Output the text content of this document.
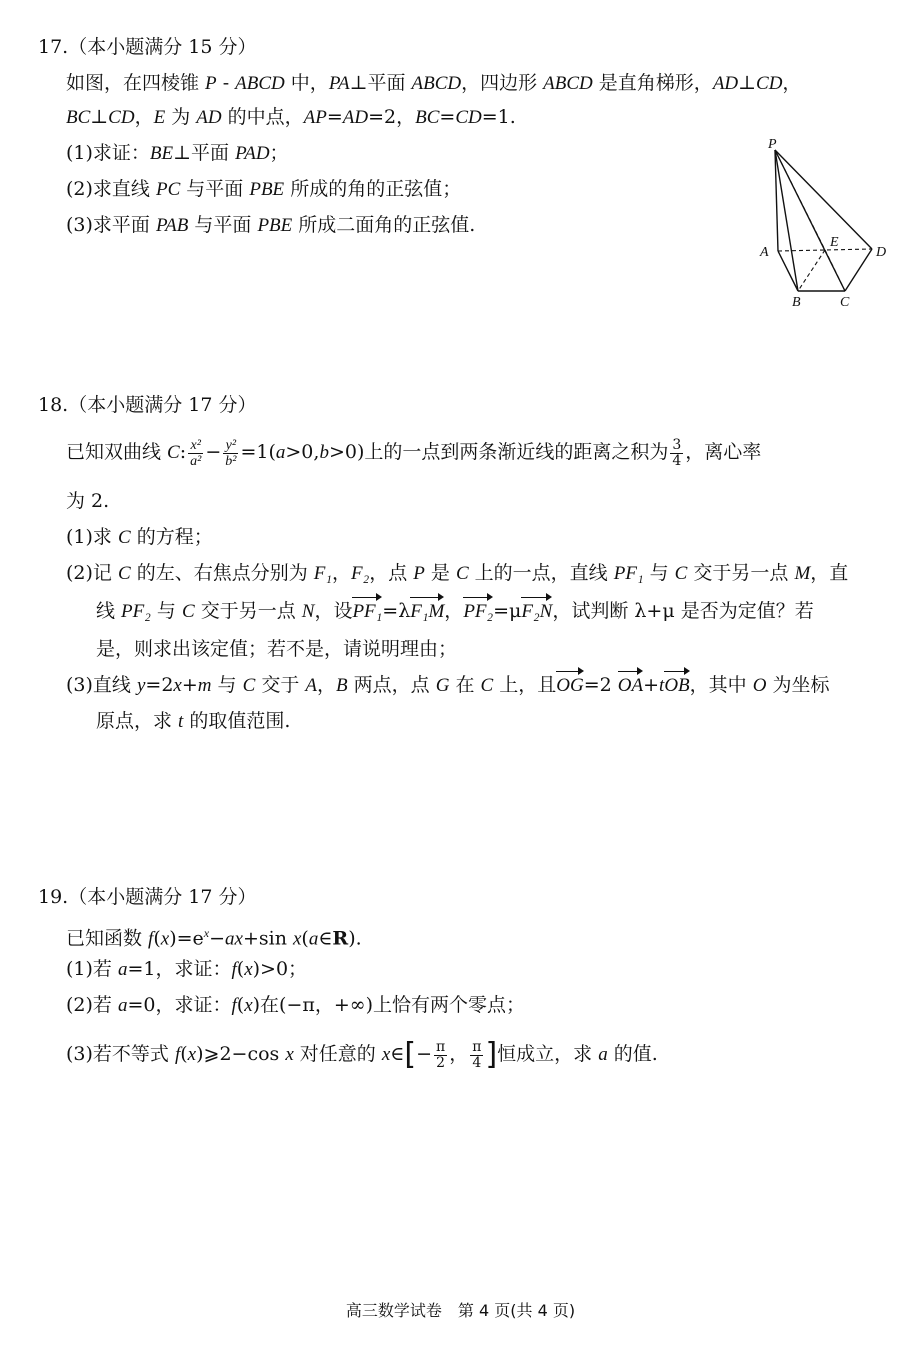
17.（本小题满分 15 分）
如图，在四棱锥 P - ABCD 中，PA⊥平面 ABCD，四边形 ABCD 是直角梯形，AD⊥CD，
BC⊥CD，E 为 AD 的中点，AP=AD=2，BC=CD=1.
(1)求证：BE⊥平面 PAD；
(2)求直线 PC 与平面 PBE 所成的角的正弦值；
(3)求平面 PAB 与平面 PBE 所成二面角的正弦值.
P
A
B	C
D
E
18.（本小题满分 17 分）
已知双曲线 C: $\frac{\text{x²}}{\text{a²}} - \frac{\text{y²}}{\text{b²}} =1(a>0,b>0)$上的一点到两条渐近线的距离之积为 $\frac{3}{4}$ ，离心率
为 2.
(1)求 C 的方程；
(2)记 C 的左、右焦点分别为 F₁，F₂，点 P 是 C 上的一点，直线 PF₁ 与 C 交于另一点 M，直
线 PF₂ 与 C 交于另一点 N，设PF₁=λF₁M，PF₂=μF₂N，试判断 λ+μ 是否为定值？若
是，则求出该定值；若不是，请说明理由；
(3)直线 y=2x+m 与 C 交于 A，B 两点，点 G 在 C 上，且OG=2 OA+tOB，其中 O 为坐标
原点，求 t 的取值范围.
19.（本小题满分 17 分）
已知函数 $f(x)=e^x-ax+\sin$ x(a∈R).
(1)若 a=1，求证：f(x)>0；
(2)若 a=0，求证：f(x)在(−π，+∞)上恰有两个零点；
(3)若不等式 f(x)⩾2−cos x 对任意的 x∈[− $\frac{\pi}{2}$ ， $\frac{\pi}{4}$ ]恒成立，求 a 的值.
高三数学试卷　第 4 页(共 4 页)
